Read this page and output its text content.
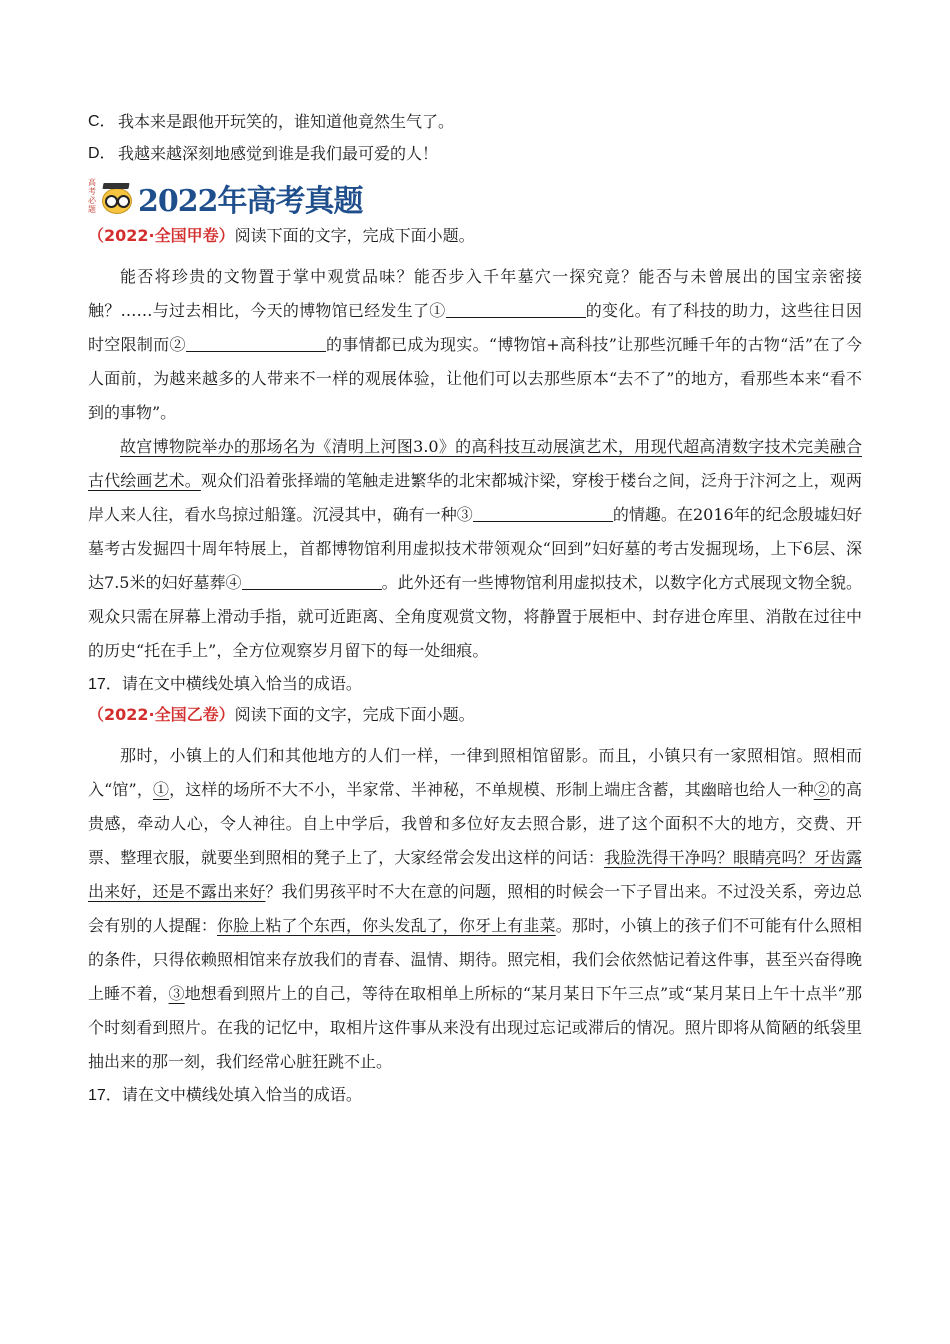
C． 我本来是跟他开玩笑的，谁知道他竟然生气了。
D． 我越来越深刻地感觉到谁是我们最可爱的人！
高考必题 2022年高考真题
（2022·全国甲卷）阅读下面的文字，完成下面小题。

能否将珍贵的文物置于掌中观赏品味？能否步入千年墓穴一探究竟？能否与未曾展出的国宝亲密接触？……与过去相比，今天的博物馆已经发生了①	的变化。有了科技的助力，这些往日因时空限制而②	的事情都已成为现实。“博物馆+高科技”让那些沉睡千年的古物“活”在了今人面前，为越来越多的人带来不一样的观展体验，让他们可以去那些原本“去不了”的地方，看那些本来“看不到的事物”。

故宫博物院举办的那场名为《清明上河图3.0》的高科技互动展演艺术，用现代超高清数字技术完美融合古代绘画艺术。观众们沿着张择端的笔触走进繁华的北宋都城汴梁，穿梭于楼台之间，泛舟于汴河之上，观两岸人来人往，看水鸟掠过船篷。沉浸其中，确有一种③	的情趣。在2016年的纪念殷墟妇好墓考古发掘四十周年特展上，首都博物馆利用虚拟技术带领观众“回到”妇好墓的考古发掘现场，上下6层、深达7.5米的妇好墓葬④	。此外还有一些博物馆利用虚拟技术，以数字化方式展现文物全貌。观众只需在屏幕上滑动手指，就可近距离、全角度观赏文物，将静置于展柜中、封存进仓库里、消散在过往中的历史“托在手上”，全方位观察岁月留下的每一处细痕。

17．请在文中横线处填入恰当的成语。
（2022·全国乙卷）阅读下面的文字，完成下面小题。

那时，小镇上的人们和其他地方的人们一样，一律到照相馆留影。而且，小镇只有一家照相馆。照相而入“馆”，①，这样的场所不大不小，半家常、半神秘，不单规模、形制上端庄含蓄，其幽暗也给人一种②的高贵感，牵动人心，令人神往。自上中学后，我曾和多位好友去照合影，进了这个面积不大的地方，交费、开票、整理衣服，就要坐到照相的凳子上了，大家经常会发出这样的问话：我脸洗得干净吗？眼睛亮吗？牙齿露出来好，还是不露出来好？我们男孩平时不大在意的问题，照相的时候会一下子冒出来。不过没关系，旁边总会有别的人提醒：你脸上粘了个东西，你头发乱了，你牙上有韭菜。那时，小镇上的孩子们不可能有什么照相的条件，只得依赖照相馆来存放我们的青春、温情、期待。照完相，我们会依然惦记着这件事，甚至兴奋得晚上睡不着，③地想看到照片上的自己，等待在取相单上所标的“某月某日下午三点”或“某月某日上午十点半”那个时刻看到照片。在我的记忆中，取相片这件事从来没有出现过忘记或滞后的情况。照片即将从简陋的纸袋里抽出来的那一刻，我们经常心脏狂跳不止。

17．请在文中横线处填入恰当的成语。
